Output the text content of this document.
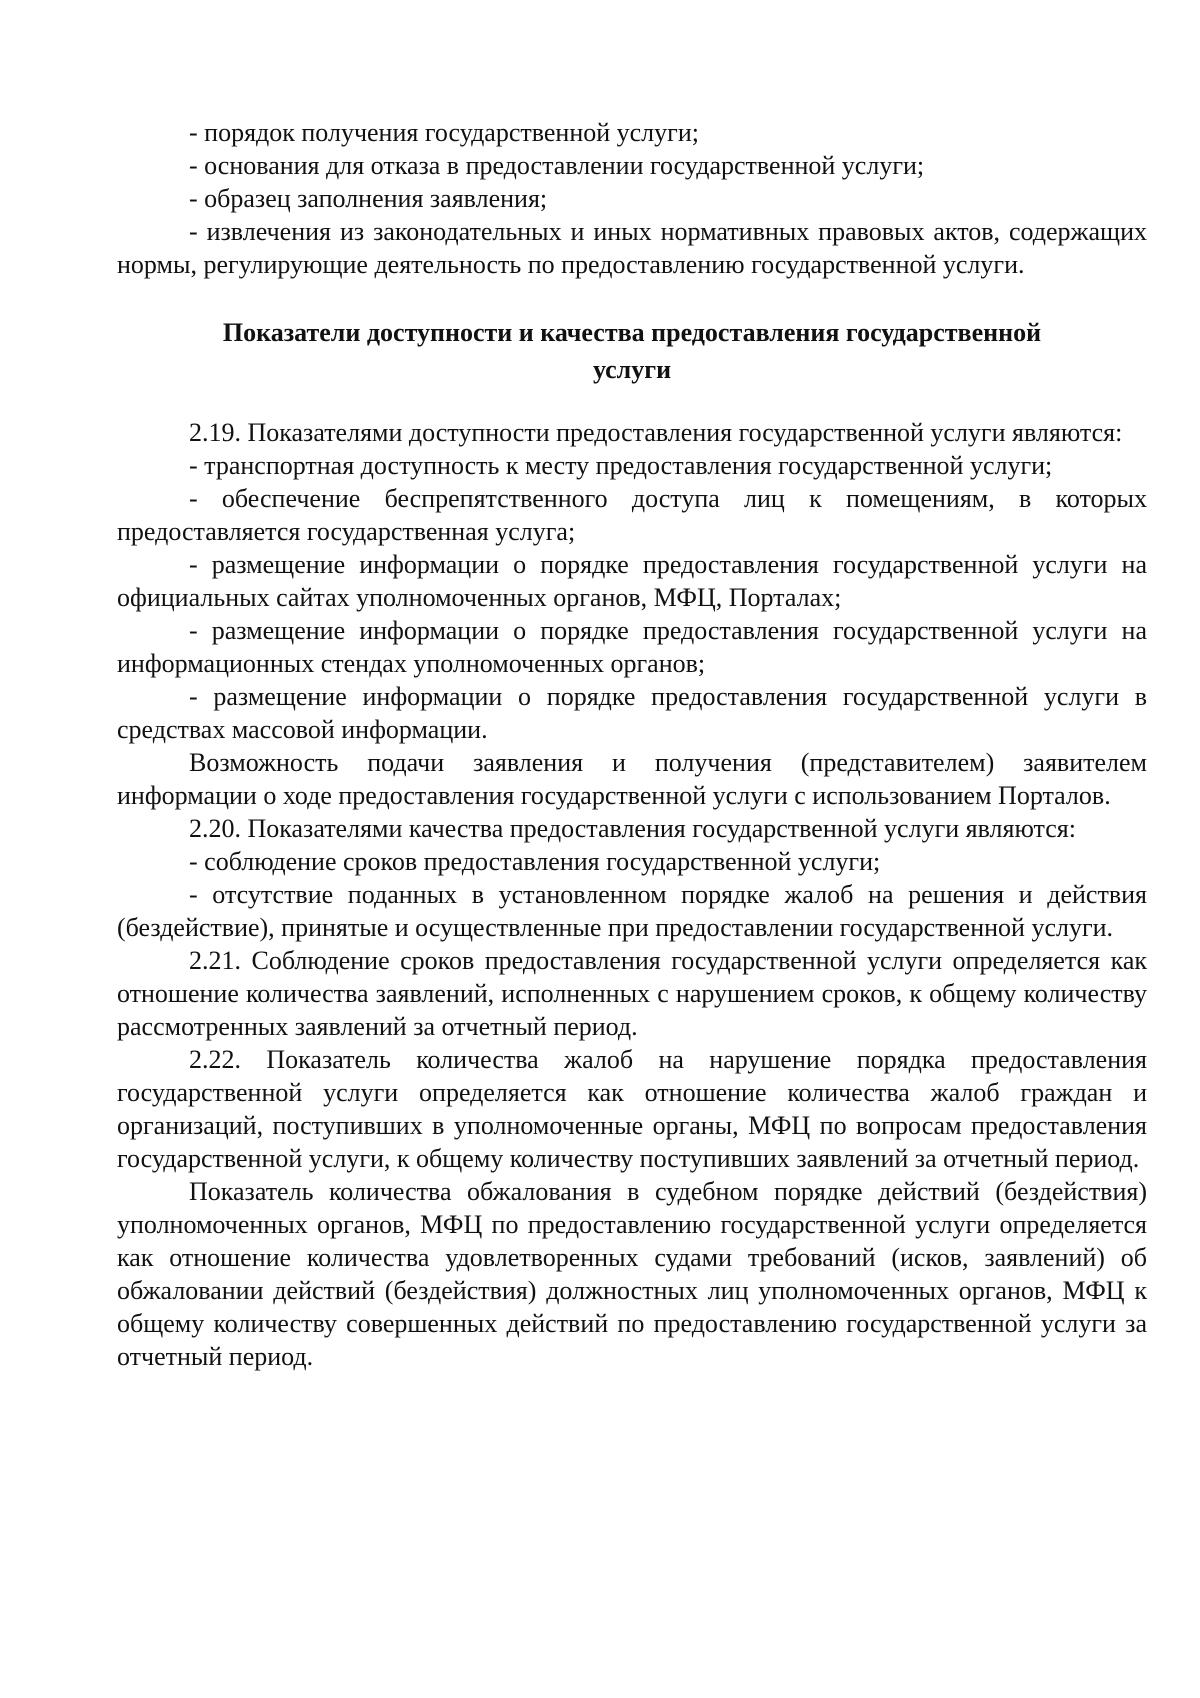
- порядок получения государственной услуги;

- основания для отказа в предоставлении государственной услуги;

- образец заполнения заявления;

- извлечения из законодательных и иных нормативных правовых актов, содержащих нормы, регулирующие деятельность по предоставлению государственной услуги.

Показатели доступности и качества предоставления государственной
услуги

2.19. Показателями доступности предоставления государственной услуги являются:

- транспортная доступность к месту предоставления государственной услуги;

- обеспечение беспрепятственного доступа лиц к помещениям, в которых предоставляется государственная услуга;

- размещение информации о порядке предоставления государственной услуги на официальных сайтах уполномоченных органов, МФЦ, Порталах;

- размещение информации о порядке предоставления государственной услуги на информационных стендах уполномоченных органов;

- размещение информации о порядке предоставления государственной услуги в средствах массовой информации.

Возможность подачи заявления и получения (представителем) заявителем информации о ходе предоставления государственной услуги с использованием Порталов.

2.20. Показателями качества предоставления государственной услуги являются:

- соблюдение сроков предоставления государственной услуги;

- отсутствие поданных в установленном порядке жалоб на решения и действия (бездействие), принятые и осуществленные при предоставлении государственной услуги.

2.21. Соблюдение сроков предоставления государственной услуги определяется как отношение количества заявлений, исполненных с нарушением сроков, к общему количеству рассмотренных заявлений за отчетный период.

2.22. Показатель количества жалоб на нарушение порядка предоставления государственной услуги определяется как отношение количества жалоб граждан и организаций, поступивших в уполномоченные органы, МФЦ по вопросам предоставления государственной услуги, к общему количеству поступивших заявлений за отчетный период.

Показатель количества обжалования в судебном порядке действий (бездействия) уполномоченных органов, МФЦ по предоставлению государственной услуги определяется как отношение количества удовлетворенных судами требований (исков, заявлений) об обжаловании действий (бездействия) должностных лиц уполномоченных органов, МФЦ к общему количеству совершенных действий по предоставлению государственной услуги за отчетный период.
